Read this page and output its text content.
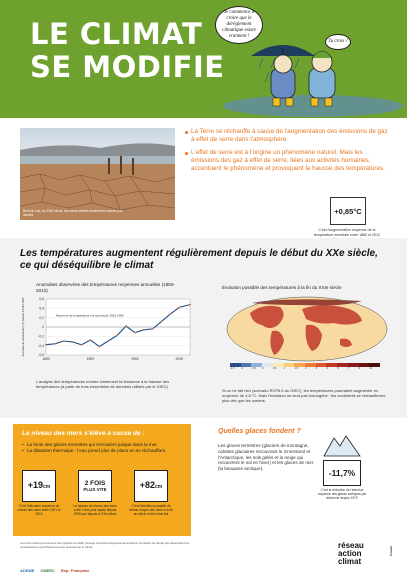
LE CLIMAT
SE MODIFIE
Je commence à croire que le dérèglement climatique existe vraiment !
Tu crois ?
Bord du Lac, au XXIe siècle, les zones sèches deviennent encore plus sèches
La Terre se réchauffe à cause de l'augmentation des émissions de gaz à effet de serre dans l'atmosphère.
L'effet de serre est à l'origine un phénomène naturel. Mais les émissions des gaz à effet de serre, liées aux activités humaines, accentuent le phénomène et provoquent la hausse des températures.
+0,85°C
C'est l'augmentation moyenne de la température mondiale entre 1880 et 2012
Les températures augmentent régulièrement depuis le début du XXe siècle, ce qui déséquilibre le climat
Anomalies observées des températures moyennes annuelles (1850-2012)
-0,6
-0,4
-0,2
0
0,2
0,4
0,6
1850	1900	1950	2000
Anomalie de température (°C) relative à 1961-1990	Moyenne de température sur la période 1961-1990
L'analyse des températures montre clairement la tendance à la hausse des températures (à partir de trois ensembles de données utilisés par le GIEC).
Évolution possible des températures à la fin du XXIe siècle
-1,5 -1	-0,5 0	0,5	1	1,5	2	3	4	5	7	9	11
Si on ne fait rien (scénario RCP8.5 du GIEC), les températures pourraient augmenter en moyenne de 4,8 °C. Mais l'évolution ne sera pas homogène : les continents se réchaufferont plus vite que les océans.
Le niveau des mers s'élève à cause de :
• La fonte des glaces terrestres qui s'écoulent jusque dans la mer.
• La dilatation thermique : l'eau prend plus de place en se réchauffant.
+19cm
C'est l'élévation moyenne du niveau des mers entre 1901 et 2010
2 FOIS
PLUS VITE
La hausse du niveau des mers a été 2 fois plus rapide depuis 1993 que depuis le XXe siècle
+82cm
C'est l'élévation possible du niveau moyen des mers à la fin du siècle si rien n'est fait
Quelles glaces fondent ?
Les glaces terrestres (glaciers de montagne, calottes glaciaires recouvrant le Groenland et l'Antarctique, les sols gelés et la neige qui recouvrent le sol en hiver) et les glaces de mer (la banquise arctique).	-11,7%
C'est la réduction de l'étendue moyenne des glaces arctiques par décennie depuis 1979
Ces informations proviennent des rapports du GIEC (Groupe d'experts intergouvernemental sur l'évolution du climat) qui rassemblent les connaissances scientifiques les plus récentes sur le climat.
ADEME ONERC Rep. Française
réseau
action
climat
France
